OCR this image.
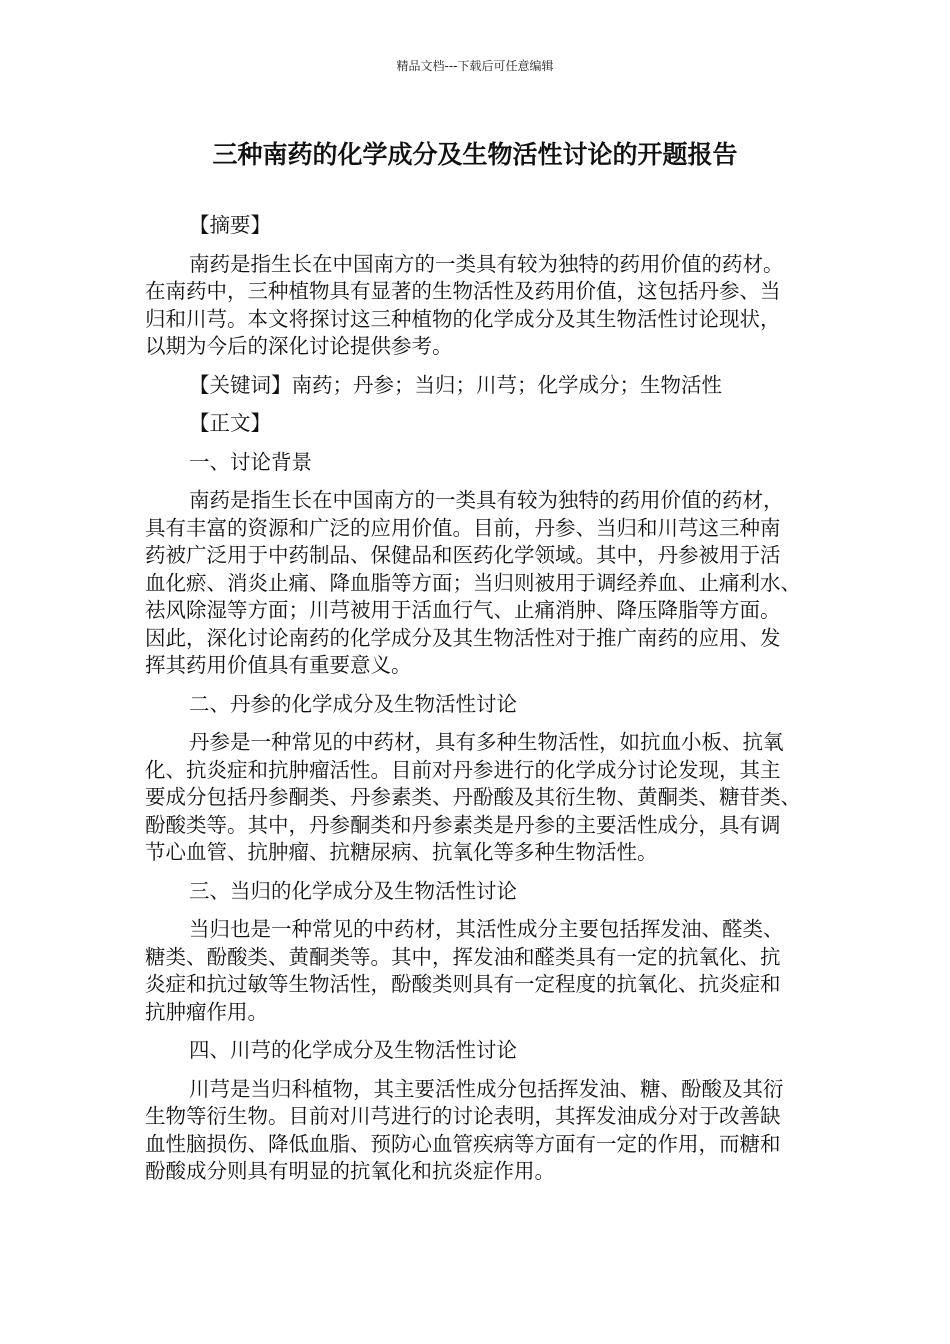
精品文档---下载后可任意编辑
三种南药的化学成分及生物活性讨论的开题报告
【摘要】
南药是指生长在中国南方的一类具有较为独特的药用价值的药材。
在南药中，三种植物具有显著的生物活性及药用价值，这包括丹参、当
归和川芎。本文将探讨这三种植物的化学成分及其生物活性讨论现状，
以期为今后的深化讨论提供参考。
【关键词】南药；丹参；当归；川芎；化学成分；生物活性
【正文】
一、讨论背景
南药是指生长在中国南方的一类具有较为独特的药用价值的药材，
具有丰富的资源和广泛的应用价值。目前，丹参、当归和川芎这三种南
药被广泛用于中药制品、保健品和医药化学领域。其中，丹参被用于活
血化瘀、消炎止痛、降血脂等方面；当归则被用于调经养血、止痛利水、
祛风除湿等方面；川芎被用于活血行气、止痛消肿、降压降脂等方面。
因此，深化讨论南药的化学成分及其生物活性对于推广南药的应用、发
挥其药用价值具有重要意义。
二、丹参的化学成分及生物活性讨论
丹参是一种常见的中药材，具有多种生物活性，如抗血小板、抗氧
化、抗炎症和抗肿瘤活性。目前对丹参进行的化学成分讨论发现，其主
要成分包括丹参酮类、丹参素类、丹酚酸及其衍生物、黄酮类、糖苷类、
酚酸类等。其中，丹参酮类和丹参素类是丹参的主要活性成分，具有调
节心血管、抗肿瘤、抗糖尿病、抗氧化等多种生物活性。
三、当归的化学成分及生物活性讨论
当归也是一种常见的中药材，其活性成分主要包括挥发油、醛类、
糖类、酚酸类、黄酮类等。其中，挥发油和醛类具有一定的抗氧化、抗
炎症和抗过敏等生物活性，酚酸类则具有一定程度的抗氧化、抗炎症和
抗肿瘤作用。
四、川芎的化学成分及生物活性讨论
川芎是当归科植物，其主要活性成分包括挥发油、糖、酚酸及其衍
生物等衍生物。目前对川芎进行的讨论表明，其挥发油成分对于改善缺
血性脑损伤、降低血脂、预防心血管疾病等方面有一定的作用，而糖和
酚酸成分则具有明显的抗氧化和抗炎症作用。
